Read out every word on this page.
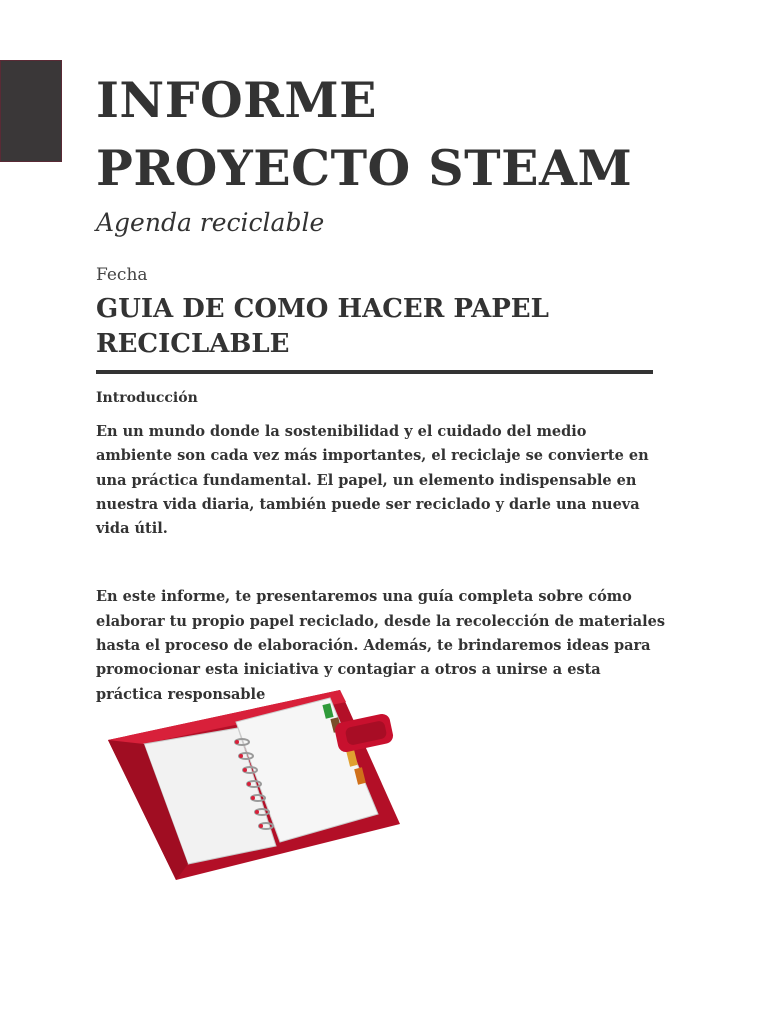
INFORME
PROYECTO STEAM
Agenda reciclable
Fecha
GUIA DE COMO HACER PAPEL RECICLABLE
Introducción

En un mundo donde la sostenibilidad y el cuidado del medio ambiente son cada vez más importantes, el reciclaje se convierte en una práctica fundamental. El papel, un elemento indispensable en nuestra vida diaria, también puede ser reciclado y darle una nueva vida útil.

En este informe, te presentaremos una guía completa sobre cómo elaborar tu propio papel reciclado, desde la recolección de materiales hasta el proceso de elaboración. Además, te brindaremos ideas para promocionar esta iniciativa y contagiar a otros a unirse a esta práctica responsable
